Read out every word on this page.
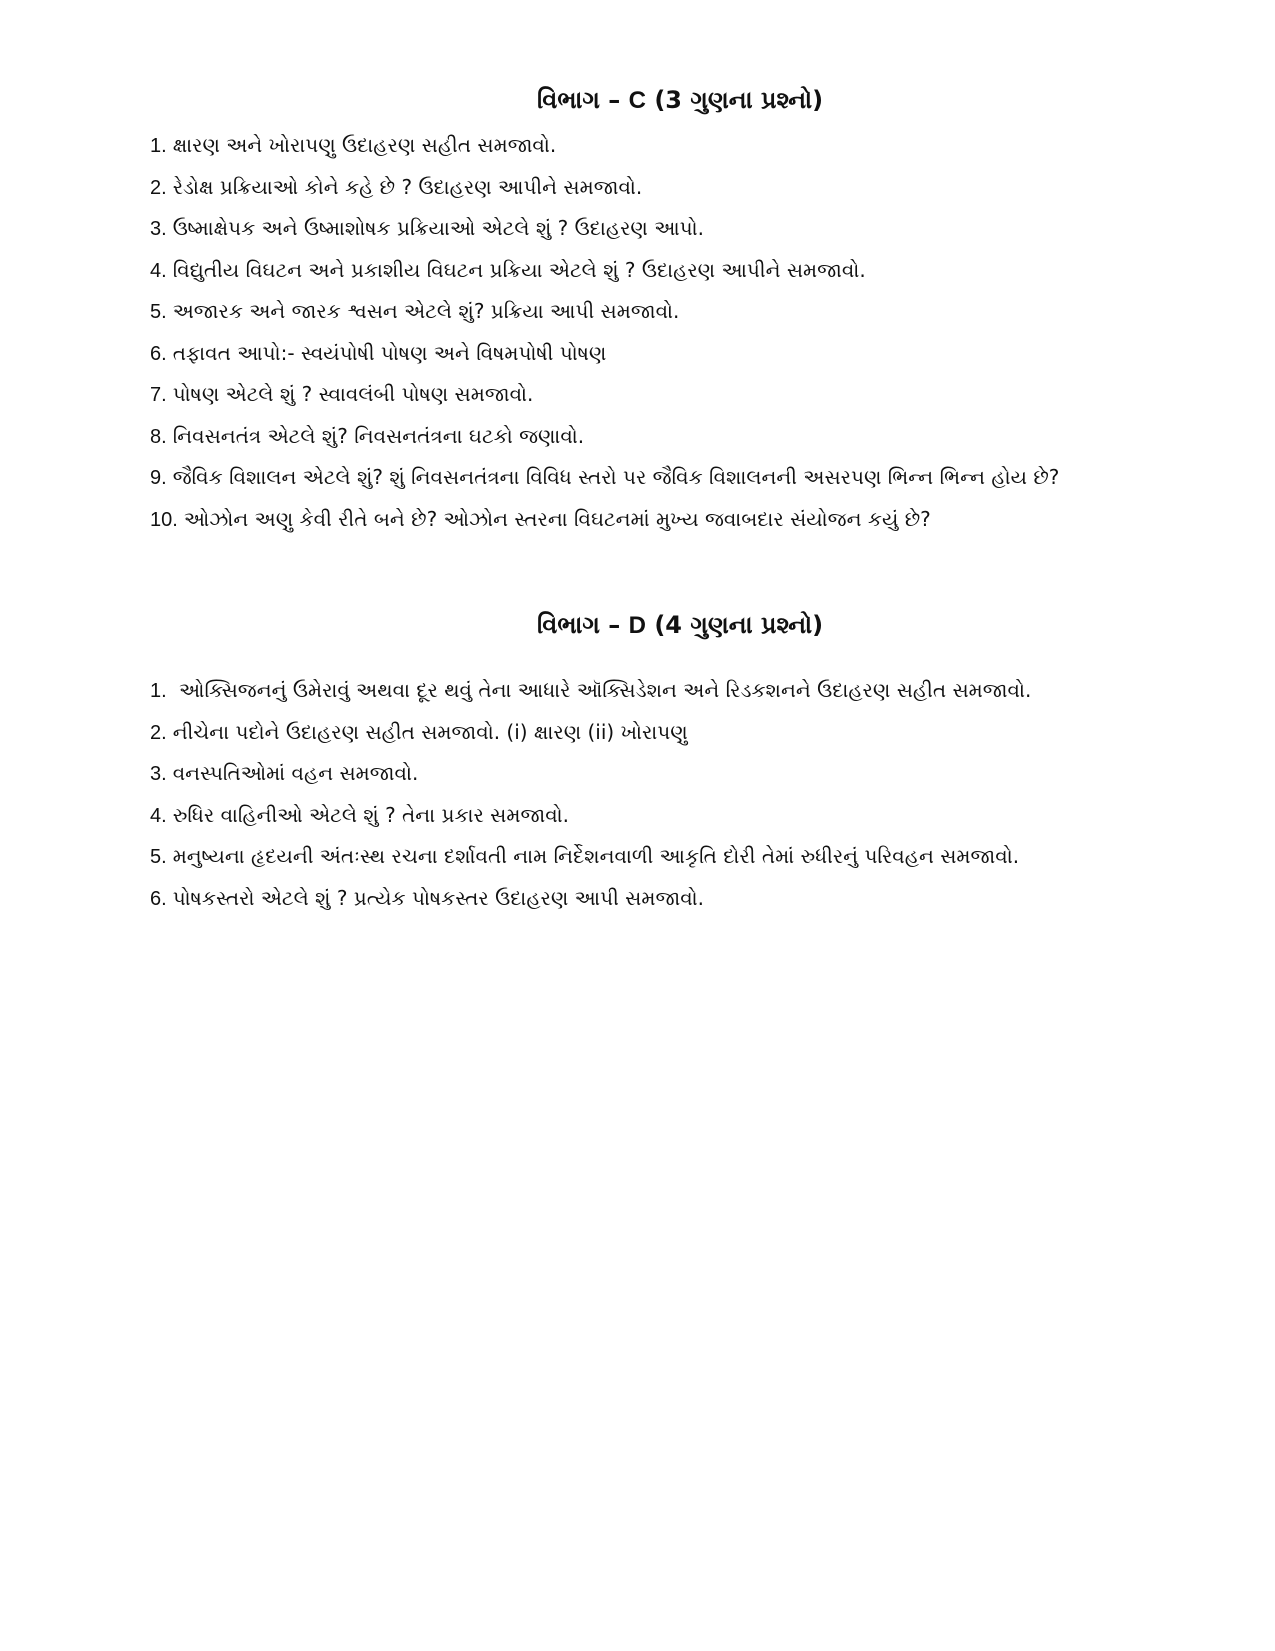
વિભાગ – C (3 ગુણના પ્રશ્નો)
1. ક્ષારણ અને ખોરાપણુ ઉદાહરણ સહીત સમજાવો.
2. રેડોક્ષ પ્રક્રિયાઓ કોને કહે છે ? ઉદાહરણ આપીને સમજાવો.
3. ઉષ્માક્ષેપક અને ઉષ્માશોષક પ્રક્રિયાઓ એટલે શું ? ઉદાહરણ આપો.
4. વિદ્યુતીય વિઘટન અને પ્રકાશીય વિઘટન પ્રક્રિયા એટલે શું ? ઉદાહરણ આપીને સમજાવો.
5. અજારક અને જારક શ્વસન એટલે શું? પ્રક્રિયા આપી સમજાવો.
6. તફાવત આપો:- સ્વયંપોષી પોષણ અને વિષમપોષી પોષણ
7. પોષણ એટલે શું ? સ્વાવલંબી પોષણ સમજાવો.
8. નિવસનતંત્ર એટલે શું? નિવસનતંત્રના ઘટકો જણાવો.
9. જૈવિક વિશાલન એટલે શું? શું નિવસનતંત્રના વિવિધ સ્તરો પર જૈવિક વિશાલનની અસરપણ ભિન્ન ભિન્ન હોય છે?
10. ઓઝોન અણુ કેવી રીતે બને છે? ઓઝોન સ્તરના વિઘટનમાં મુખ્ય જવાબદાર સંયોજન કયું છે?
વિભાગ – D (4 ગુણના પ્રશ્નો)
1. ઓક્સિજનનું ઉમેરાવું અથવા દૂર થવું તેના આધારે ઑક્સિડેશન અને રિડકશનને ઉદાહરણ સહીત સમજાવો.
2. નીચેના પદોને ઉદાહરણ સહીત સમજાવો. (i) ક્ષારણ (ii) ખોરાપણુ
3. વનસ્પતિઓમાં વહન સમજાવો.
4. રુધિર વાહિનીઓ એટલે શું ? તેના પ્રકાર સમજાવો.
5. મનુષ્યના હૃદયની અંતઃસ્થ રચના દર્શાવતી નામ નિર્દેશનવાળી આકૃતિ દોરી તેમાં રુધીરનું પરિવહન સમજાવો.
6. પોષકસ્તરો એટલે શું ? પ્રત્યેક પોષકસ્તર ઉદાહરણ આપી સમજાવો.
